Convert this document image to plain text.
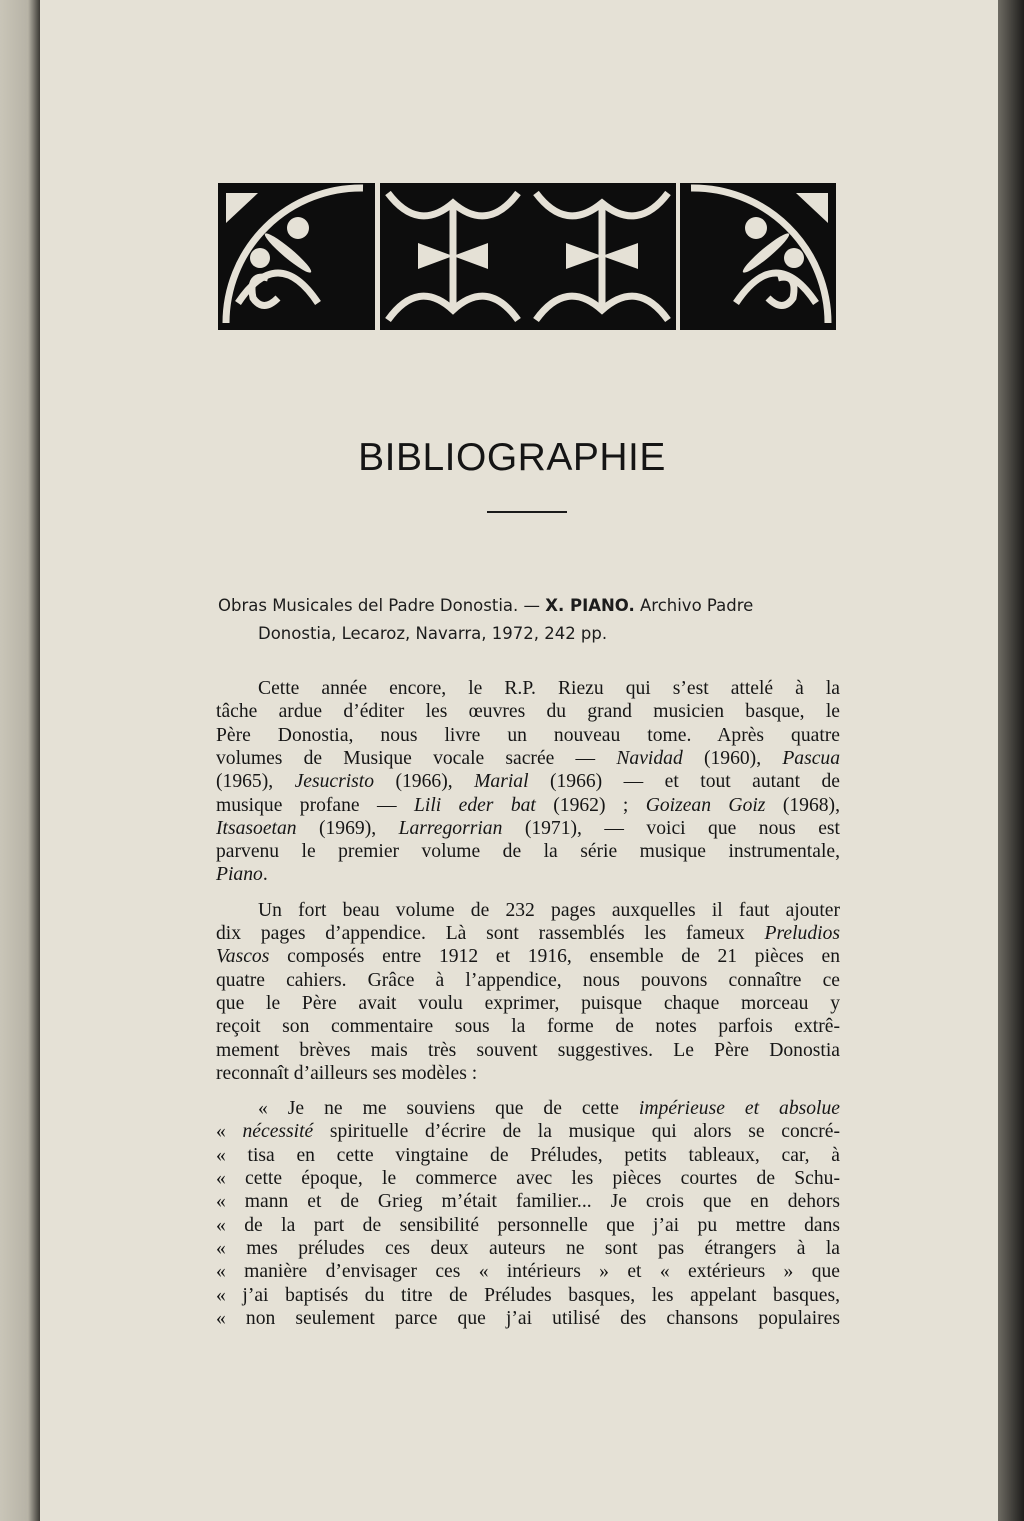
BIBLIOGRAPHIE
Obras Musicales del Padre Donostia. — X. PIANO. Archivo Padre
Donostia, Lecaroz, Navarra, 1972, 242 pp.
Cette année encore, le R.P. Riezu qui s’est attelé à la
tâche ardue d’éditer les œuvres du grand musicien basque, le
Père Donostia, nous livre un nouveau tome. Après quatre
volumes de Musique vocale sacrée — Navidad (1960), Pascua
(1965), Jesucristo (1966), Marial (1966) — et tout autant de
musique profane — Lili eder bat (1962) ; Goizean Goiz (1968),
Itsasoetan (1969), Larregorrian (1971), — voici que nous est
parvenu le premier volume de la série musique instrumentale,
Piano.
Un fort beau volume de 232 pages auxquelles il faut ajouter
dix pages d’appendice. Là sont rassemblés les fameux Preludios
Vascos composés entre 1912 et 1916, ensemble de 21 pièces en
quatre cahiers. Grâce à l’appendice, nous pouvons connaître ce
que le Père avait voulu exprimer, puisque chaque morceau y
reçoit son commentaire sous la forme de notes parfois extrê-
mement brèves mais très souvent suggestives. Le Père Donostia
reconnaît d’ailleurs ses modèles :
« Je ne me souviens que de cette impérieuse et absolue
« nécessité spirituelle d’écrire de la musique qui alors se concré-
« tisa en cette vingtaine de Préludes, petits tableaux, car, à
« cette époque, le commerce avec les pièces courtes de Schu-
« mann et de Grieg m’était familier... Je crois que en dehors
« de la part de sensibilité personnelle que j’ai pu mettre dans
« mes préludes ces deux auteurs ne sont pas étrangers à la
« manière d’envisager ces « intérieurs » et « extérieurs » que
« j’ai baptisés du titre de Préludes basques, les appelant basques,
« non seulement parce que j’ai utilisé des chansons populaires
